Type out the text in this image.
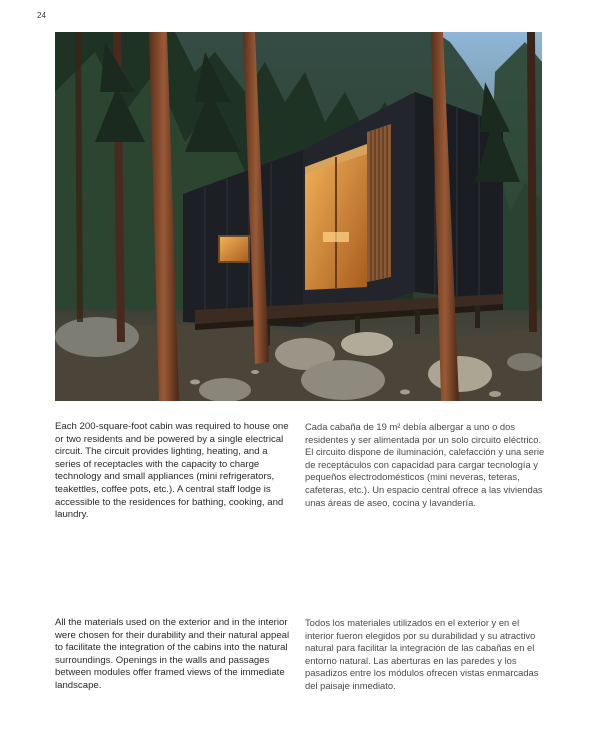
24

Each 200-square-foot cabin was required to house one or two residents and be powered by a single electrical circuit. The circuit provides lighting, heating, and a series of receptacles with the capacity to charge technology and small appliances (mini refrigerators, teakettles, coffee pots, etc.). A central staff lodge is accessible to the residences for bathing, cooking, and laundry.

Cada cabaña de 19 m² debía albergar a uno o dos residentes y ser alimentada por un solo circuito eléctrico. El circuito dispone de iluminación, calefacción y una serie de receptáculos con capacidad para cargar tecnología y pequeños electrodomésticos (mini neveras, teteras, cafeteras, etc.). Un espacio central ofrece a las viviendas unas áreas de aseo, cocina y lavandería.

All the materials used on the exterior and in the interior were chosen for their durability and their natural appeal to facilitate the integration of the cabins into the natural surroundings. Openings in the walls and passages between modules offer framed views of the immediate landscape.

Todos los materiales utilizados en el exterior y en el interior fueron elegidos por su durabilidad y su atractivo natural para facilitar la integración de las cabañas en el entorno natural. Las aberturas en las paredes y los pasadizos entre los módulos ofrecen vistas enmarcadas del paisaje inmediato.
